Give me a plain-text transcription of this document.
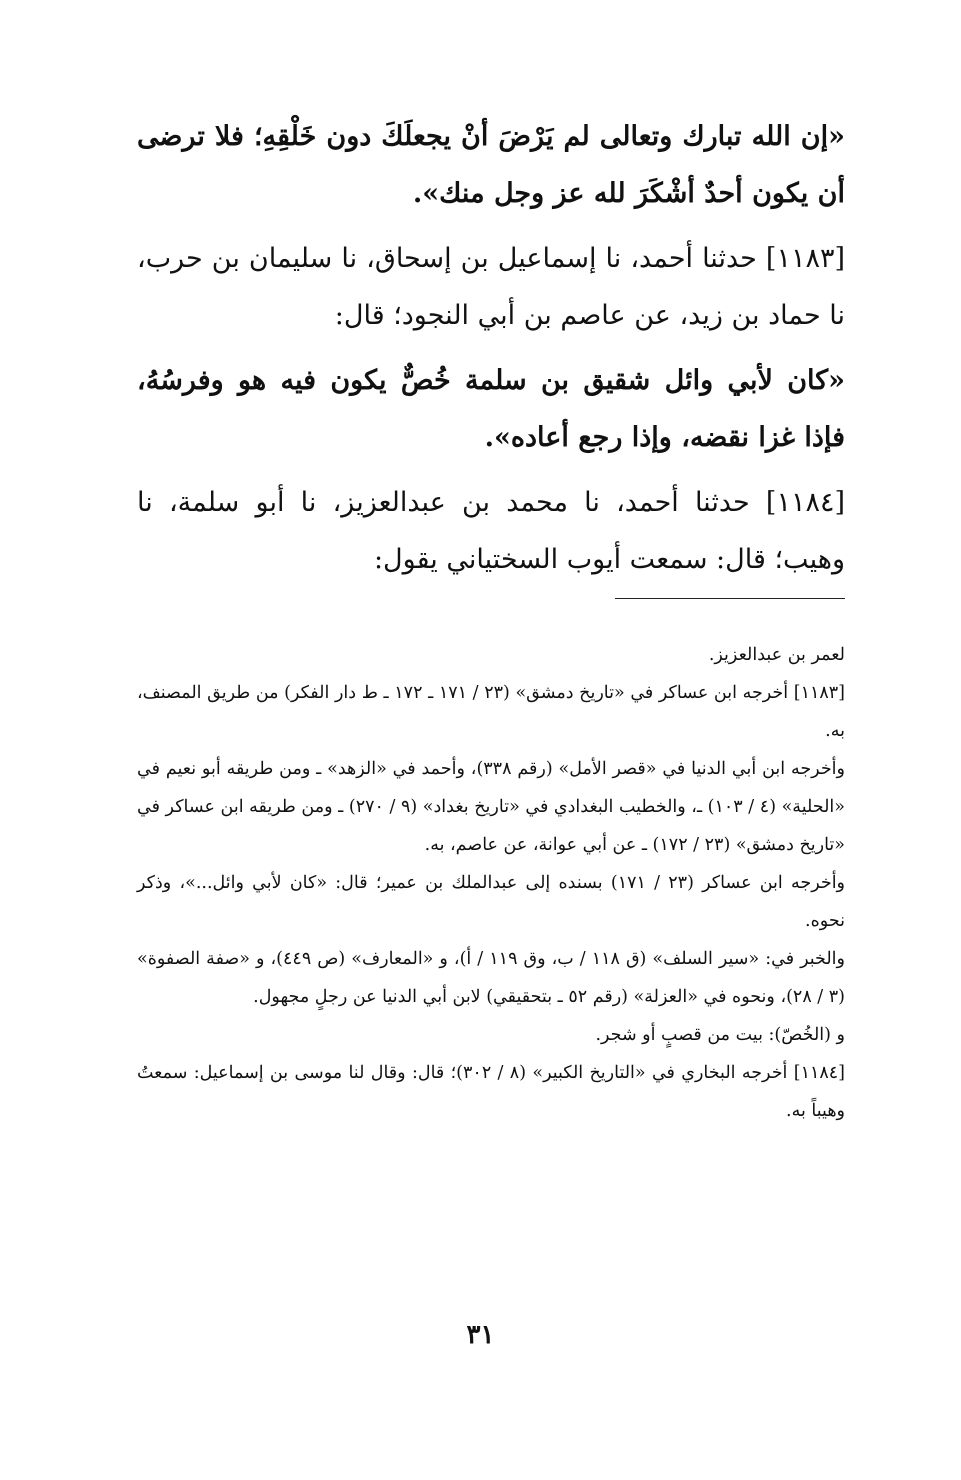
«إن الله تبارك وتعالى لم يَرْضَ أنْ يجعلَكَ دون خَلْقِهِ؛ فلا ترضى أن يكون أحدٌ أشْكَرَ لله عز وجل منك».

[١١٨٣] حدثنا أحمد، نا إسماعيل بن إسحاق، نا سليمان بن حرب، نا حماد بن زيد، عن عاصم بن أبي النجود؛ قال:

«كان لأبي وائل شقيق بن سلمة خُصٌّ يكون فيه هو وفرسُهُ، فإذا غزا نقضه، وإذا رجع أعاده».

[١١٨٤] حدثنا أحمد، نا محمد بن عبدالعزيز، نا أبو سلمة، نا وهيب؛ قال: سمعت أيوب السختياني يقول:

لعمر بن عبدالعزيز.

[١١٨٣] أخرجه ابن عساكر في «تاريخ دمشق» (٢٣ / ١٧١ ـ ١٧٢ ـ ط دار الفكر) من طريق المصنف، به.

وأخرجه ابن أبي الدنيا في «قصر الأمل» (رقم ٣٣٨)، وأحمد في «الزهد» ـ ومن طريقه أبو نعيم في «الحلية» (٤ / ١٠٣) ـ، والخطيب البغدادي في «تاريخ بغداد» (٩ / ٢٧٠) ـ ومن طريقه ابن عساكر في «تاريخ دمشق» (٢٣ / ١٧٢) ـ عن أبي عوانة، عن عاصم، به.

وأخرجه ابن عساكر (٢٣ / ١٧١) بسنده إلى عبدالملك بن عمير؛ قال: «كان لأبي وائل...»، وذكر نحوه.

والخبر في: «سير السلف» (ق ١١٨ / ب، وق ١١٩ / أ)، و «المعارف» (ص ٤٤٩)، و «صفة الصفوة» (٣ / ٢٨)، ونحوه في «العزلة» (رقم ٥٢ ـ بتحقيقي) لابن أبي الدنيا عن رجلٍ مجهول.

و (الخُصّ): بيت من قصبٍ أو شجر.

[١١٨٤] أخرجه البخاري في «التاريخ الكبير» (٨ / ٣٠٢)؛ قال: وقال لنا موسى بن إسماعيل: سمعتُ وهيباً به.

٣١
